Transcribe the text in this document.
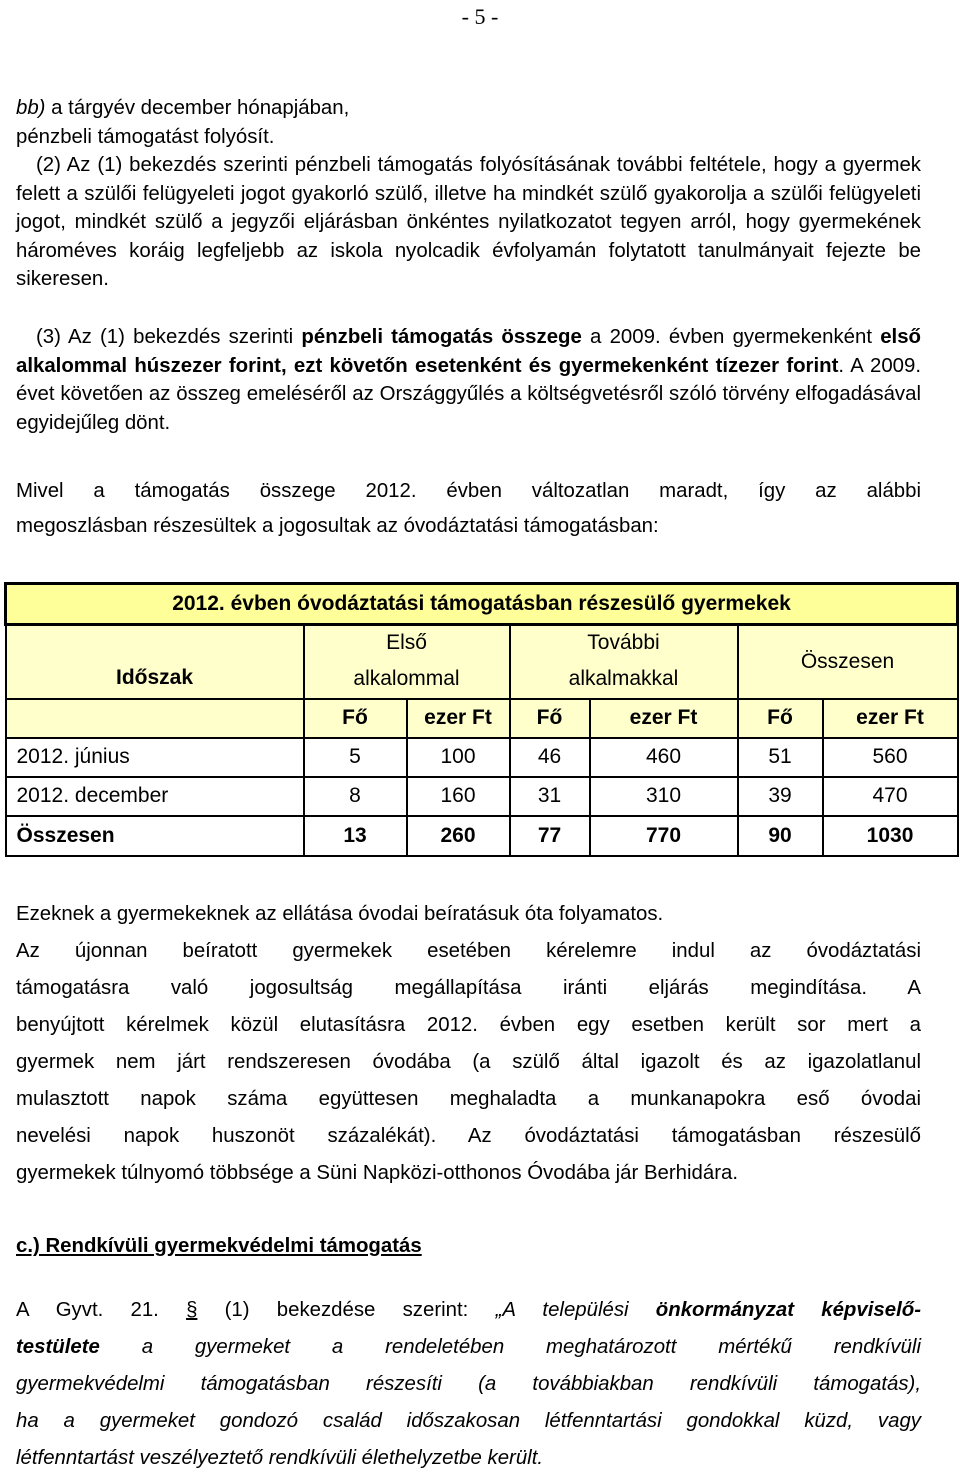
- 5 -
bb) a tárgyév december hónapjában,
pénzbeli támogatást folyósít.
(2) Az (1) bekezdés szerinti pénzbeli támogatás folyósításának további feltétele, hogy a gyermek felett a szülői felügyeleti jogot gyakorló szülő, illetve ha mindkét szülő gyakorolja a szülői felügyeleti jogot, mindkét szülő a jegyzői eljárásban önkéntes nyilatkozatot tegyen arról, hogy gyermekének hároméves koráig legfeljebb az iskola nyolcadik évfolyamán folytatott tanulmányait fejezte be sikeresen.
(3) Az (1) bekezdés szerinti pénzbeli támogatás összege a 2009. évben gyermekenként első alkalommal húszezer forint, ezt követőn esetenként és gyermekenként tízezer forint. A 2009. évet követően az összeg emeléséről az Országgyűlés a költségvetésről szóló törvény elfogadásával egyidejűleg dönt.
Mivel a támogatás összege 2012. évben változatlan maradt, így az alábbi
megoszlásban részesültek a jogosultak az óvodáztatási támogatásban:
2012. évben óvodáztatási támogatásban részesülő gyermekek						
Időszak	Első		További		Összesen	
	alkalommal		alkalmakkal			
	Fő	ezer Ft	Fő	ezer Ft	Fő	ezer Ft
2012. június	5	100	46	460	51	560
2012. december	8	160	31	310	39	470
Összesen	13	260	77	770	90	1030
Ezeknek a gyermekeknek az ellátása óvodai beíratásuk óta folyamatos.
Az újonnan beíratott gyermekek esetében kérelemre indul az óvodáztatási
támogatásra való jogosultság megállapítása iránti eljárás megindítása. A
benyújtott kérelmek közül elutasításra 2012. évben egy esetben került sor mert a
gyermek nem járt rendszeresen óvodába (a szülő által igazolt és az igazolatlanul
mulasztott napok száma együttesen meghaladta a munkanapokra eső óvodai
nevelési napok huszonöt százalékát). Az óvodáztatási támogatásban részesülő
gyermekek túlnyomó többsége a Süni Napközi-otthonos Óvodába jár Berhidára.
c.) Rendkívüli gyermekvédelmi támogatás
A Gyvt. 21. § (1) bekezdése szerint: „A települési önkormányzat képviselő-
testülete a gyermeket a rendeletében meghatározott mértékű rendkívüli
gyermekvédelmi támogatásban részesíti (a továbbiakban rendkívüli támogatás),
ha a gyermeket gondozó család időszakosan létfenntartási gondokkal küzd, vagy
létfenntartást veszélyeztető rendkívüli élethelyzetbe került.
